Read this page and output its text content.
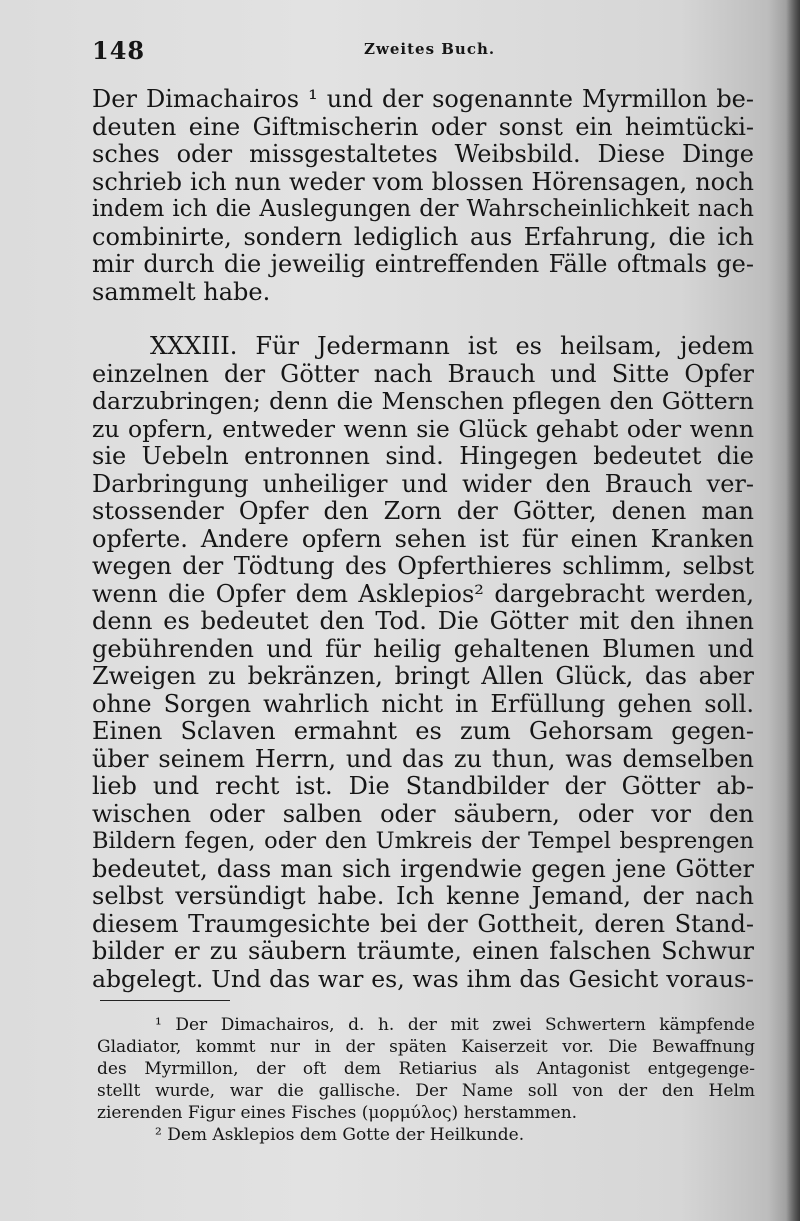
148	Zweites Buch.
Der Dimachairos ¹ und der sogenannte Myrmillon be-
deuten eine Giftmischerin oder sonst ein heimtücki-
sches oder missgestaltetes Weibsbild. Diese Dinge
schrieb ich nun weder vom blossen Hörensagen, noch
indem ich die Auslegungen der Wahrscheinlichkeit nach
combinirte, sondern lediglich aus Erfahrung, die ich
mir durch die jeweilig eintreffenden Fälle oftmals ge-
sammelt habe.
XXXIII. Für Jedermann ist es heilsam, jedem
einzelnen der Götter nach Brauch und Sitte Opfer
darzubringen; denn die Menschen pflegen den Göttern
zu opfern, entweder wenn sie Glück gehabt oder wenn
sie Uebeln entronnen sind. Hingegen bedeutet die
Darbringung unheiliger und wider den Brauch ver-
stossender Opfer den Zorn der Götter, denen man
opferte. Andere opfern sehen ist für einen Kranken
wegen der Tödtung des Opferthieres schlimm, selbst
wenn die Opfer dem Asklepios² dargebracht werden,
denn es bedeutet den Tod. Die Götter mit den ihnen
gebührenden und für heilig gehaltenen Blumen und
Zweigen zu bekränzen, bringt Allen Glück, das aber
ohne Sorgen wahrlich nicht in Erfüllung gehen soll.
Einen Sclaven ermahnt es zum Gehorsam gegen-
über seinem Herrn, und das zu thun, was demselben
lieb und recht ist. Die Standbilder der Götter ab-
wischen oder salben oder säubern, oder vor den
Bildern fegen, oder den Umkreis der Tempel besprengen
bedeutet, dass man sich irgendwie gegen jene Götter
selbst versündigt habe. Ich kenne Jemand, der nach
diesem Traumgesichte bei der Gottheit, deren Stand-
bilder er zu säubern träumte, einen falschen Schwur
abgelegt. Und das war es, was ihm das Gesicht voraus-
¹ Der Dimachairos, d. h. der mit zwei Schwertern kämpfende
Gladiator, kommt nur in der späten Kaiserzeit vor. Die Bewaffnung
des Myrmillon, der oft dem Retiarius als Antagonist entgegenge-
stellt wurde, war die gallische. Der Name soll von der den Helm
zierenden Figur eines Fisches (μορμύλος) herstammen.
² Dem Asklepios dem Gotte der Heilkunde.
